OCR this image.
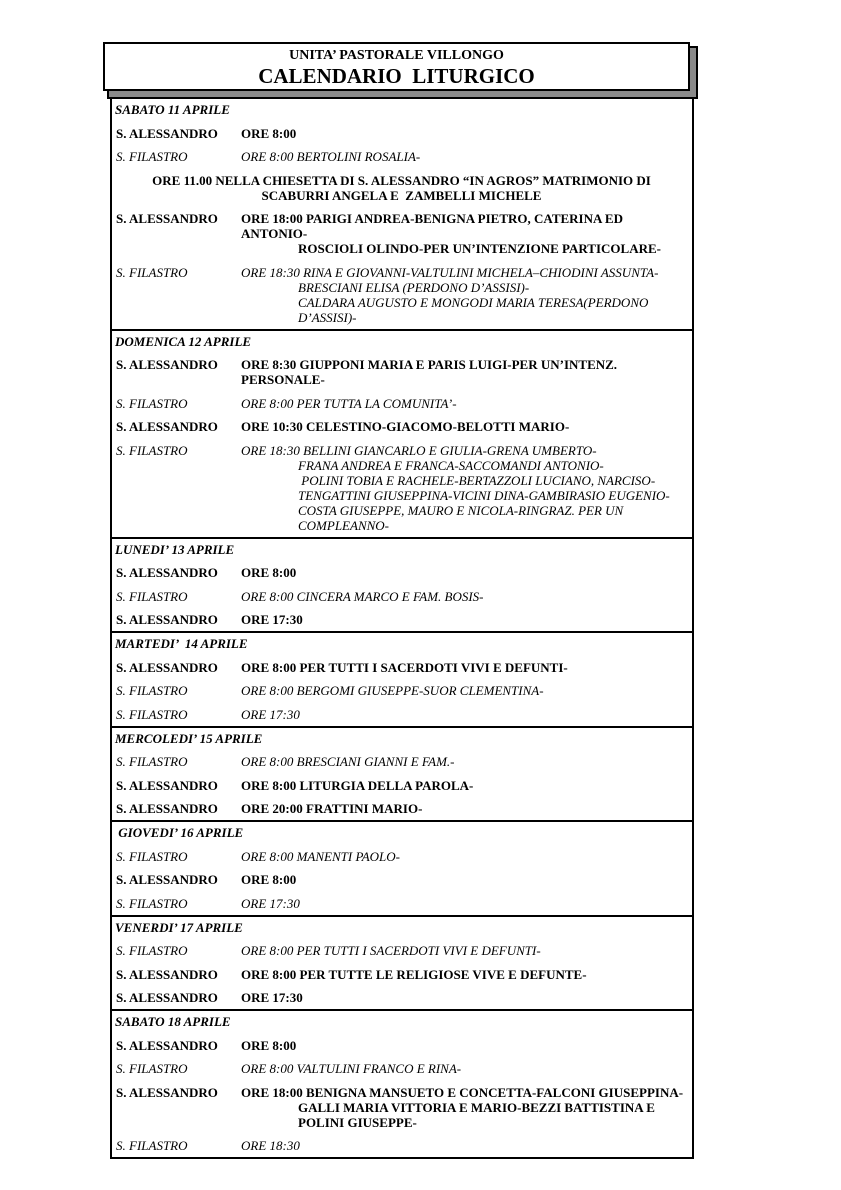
UNITA’ PASTORALE VILLONGO
CALENDARIO  LITURGICO
SABATO 11 APRILE
S. ALESSANDRO	ORE 8:00
S. FILASTRO	ORE 8:00 BERTOLINI ROSALIA-
ORE 11.00 NELLA CHIESETTA DI S. ALESSANDRO “IN AGROS” MATRIMONIO DI
SCABURRI ANGELA E  ZAMBELLI MICHELE
S. ALESSANDRO	ORE 18:00 PARIGI ANDREA-BENIGNA PIETRO, CATERINA ED ANTONIO-
ROSCIOLI OLINDO-PER UN’INTENZIONE PARTICOLARE-
S. FILASTRO	ORE 18:30 RINA E GIOVANNI-VALTULINI MICHELA–CHIODINI ASSUNTA-
BRESCIANI ELISA (PERDONO D’ASSISI)-
CALDARA AUGUSTO E MONGODI MARIA TERESA(PERDONO D’ASSISI)-
DOMENICA 12 APRILE
S. ALESSANDRO	ORE 8:30 GIUPPONI MARIA E PARIS LUIGI-PER UN’INTENZ.  PERSONALE-
S. FILASTRO	ORE 8:00 PER TUTTA LA COMUNITA’-
S. ALESSANDRO	ORE 10:30 CELESTINO-GIACOMO-BELOTTI MARIO-
S. FILASTRO	ORE 18:30 BELLINI GIANCARLO E GIULIA-GRENA UMBERTO-
FRANA ANDREA E FRANCA-SACCOMANDI ANTONIO-
POLINI TOBIA E RACHELE-BERTAZZOLI LUCIANO, NARCISO-
TENGATTINI GIUSEPPINA-VICINI DINA-GAMBIRASIO EUGENIO-
COSTA GIUSEPPE, MAURO E NICOLA-RINGRAZ. PER UN COMPLEANNO-
LUNEDI’ 13 APRILE
S. ALESSANDRO	ORE 8:00
S. FILASTRO	ORE 8:00 CINCERA MARCO E FAM. BOSIS-
S. ALESSANDRO	ORE 17:30
MARTEDI’  14 APRILE
S. ALESSANDRO	ORE 8:00 PER TUTTI I SACERDOTI VIVI E DEFUNTI-
S. FILASTRO	ORE 8:00 BERGOMI GIUSEPPE-SUOR CLEMENTINA-
S. FILASTRO	ORE 17:30
MERCOLEDI’ 15 APRILE
S. FILASTRO	ORE 8:00 BRESCIANI GIANNI E FAM.-
S. ALESSANDRO	ORE 8:00 LITURGIA DELLA PAROLA-
S. ALESSANDRO	ORE 20:00 FRATTINI MARIO-
GIOVEDI’ 16 APRILE
S. FILASTRO	ORE 8:00 MANENTI PAOLO-
S. ALESSANDRO	ORE 8:00
S. FILASTRO	ORE 17:30
VENERDI’ 17 APRILE
S. FILASTRO	ORE 8:00 PER TUTTI I SACERDOTI VIVI E DEFUNTI-
S. ALESSANDRO	ORE 8:00 PER TUTTE LE RELIGIOSE VIVE E DEFUNTE-
S. ALESSANDRO	ORE 17:30
SABATO 18 APRILE
S. ALESSANDRO	ORE 8:00
S. FILASTRO	ORE 8:00 VALTULINI FRANCO E RINA-
S. ALESSANDRO	ORE 18:00 BENIGNA MANSUETO E CONCETTA-FALCONI GIUSEPPINA-
GALLI MARIA VITTORIA E MARIO-BEZZI BATTISTINA E
POLINI GIUSEPPE-
S. FILASTRO	ORE 18:30
